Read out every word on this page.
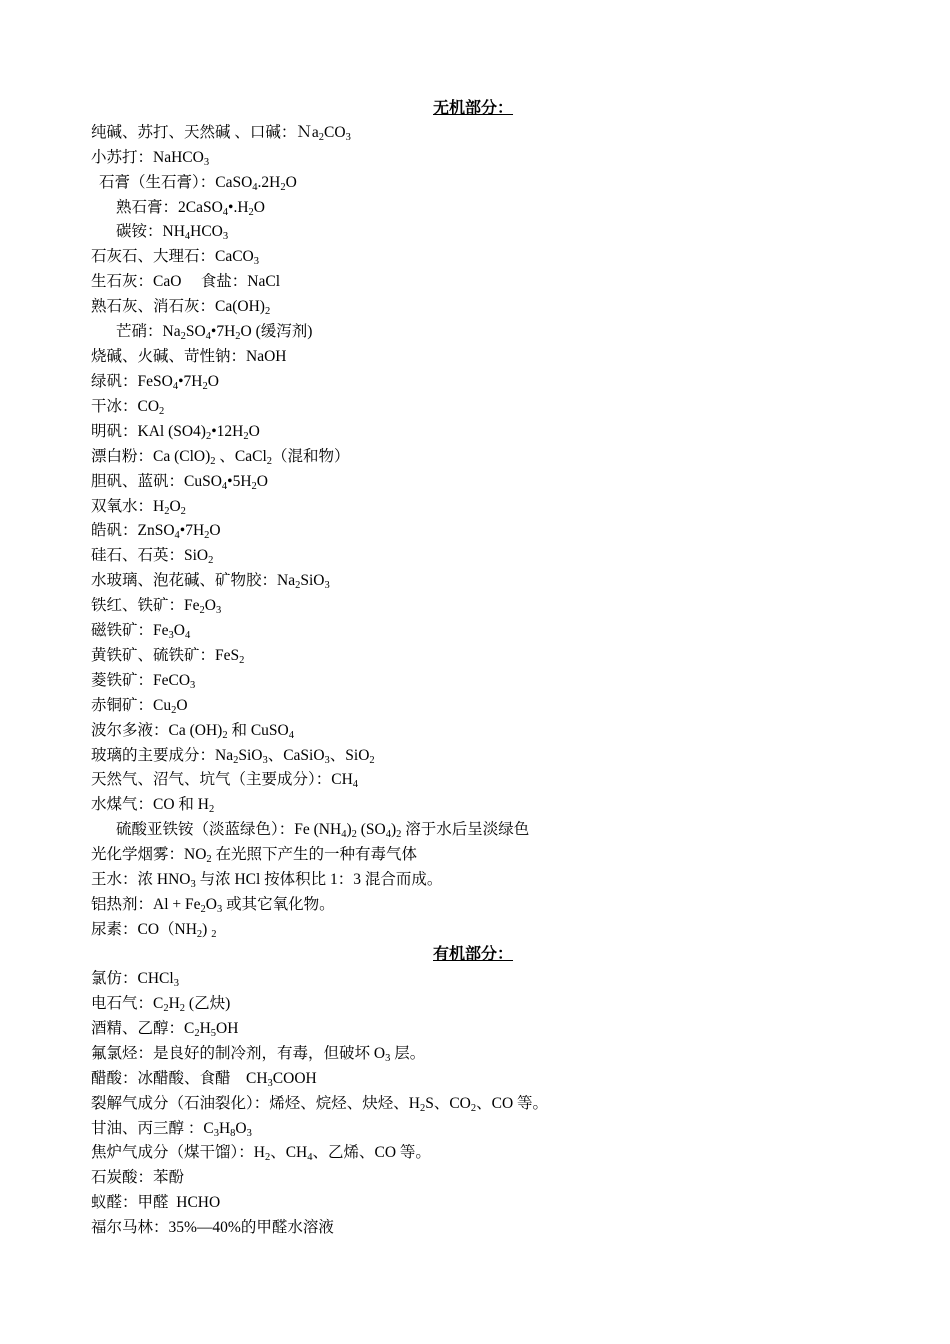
无机部分：
纯碱、苏打、天然碱 、口碱：$Na_2CO_3$
小苏打：NaHCO$_3$
石膏（生石膏）：$CaSO_4.2H_2O$
熟石膏：$2CaSO_4•.H_2O$
碳铵：$NH_4HCO_3$
石灰石、大理石：CaCO$_3$
生石灰：CaO　 食盐：NaCl
熟石灰、消石灰：$Ca(OH)_2$
芒硝：$Na_2SO_4•7H_2O$ (缓泻剂)
烧碱、火碱、苛性钠：NaOH
绿矾：$FeSO_4•7H_2O$
干冰：$CO_2$
明矾：KAl $(SO4)_2•12H_2O$
漂白粉：Ca $(ClO)_2$ 、CaCl$_2$（混和物）
胆矾、蓝矾：$CuSO_4•5H_2O$
双氧水：$H_2O_2$
皓矾：$ZnSO_4•7H_2O$
硅石、石英：SiO$_2$
水玻璃、泡花碱、矿物胶：$Na_2SiO_3$
铁红、铁矿：$Fe_2O_3$
磁铁矿：$Fe_3O_4$
黄铁矿、硫铁矿：FeS$_2$
菱铁矿：FeCO$_3$
赤铜矿：$Cu_2O$
波尔多液：Ca $(OH)_2$ 和 CuSO$_4$
玻璃的主要成分：$Na_2SiO_3$、CaSiO$_3$、SiO$_2$
天然气、沼气、坑气（主要成分）：$CH_4$
水煤气：CO 和 $H_2$
硫酸亚铁铵（淡蓝绿色）：Fe $(NH_4)_2$ $(SO_4)_2$ 溶于水后呈淡绿色
光化学烟雾：$NO_2$ 在光照下产生的一种有毒气体
王水：浓 $HNO_3$ 与浓 HCl 按体积比 1：3 混合而成。
铝热剂：$Al + Fe_2O_3$ 或其它氧化物。
尿素：$CO(NH_2)$ $_2$
有机部分：
氯仿：CHCl$_3$
电石气：$C_2H_2$ (乙炔)
酒精、乙醇：$C_2H_5OH$
氟氯烃：是良好的制冷剂，有毒，但破坏 $O_3$ 层。
醋酸：冰醋酸、食醋　$CH_3COOH$
裂解气成分（石油裂化）：烯烃、烷烃、炔烃、$H_2S$、$CO_2$、CO 等。
甘油、丙三醇 ：$C_3H_8O_3$
焦炉气成分（煤干馏）：$H_2$、$CH_4$、乙烯、CO 等。
石炭酸：苯酚
蚁醛：甲醛  HCHO
福尔马林：35%—40%的甲醛水溶液
